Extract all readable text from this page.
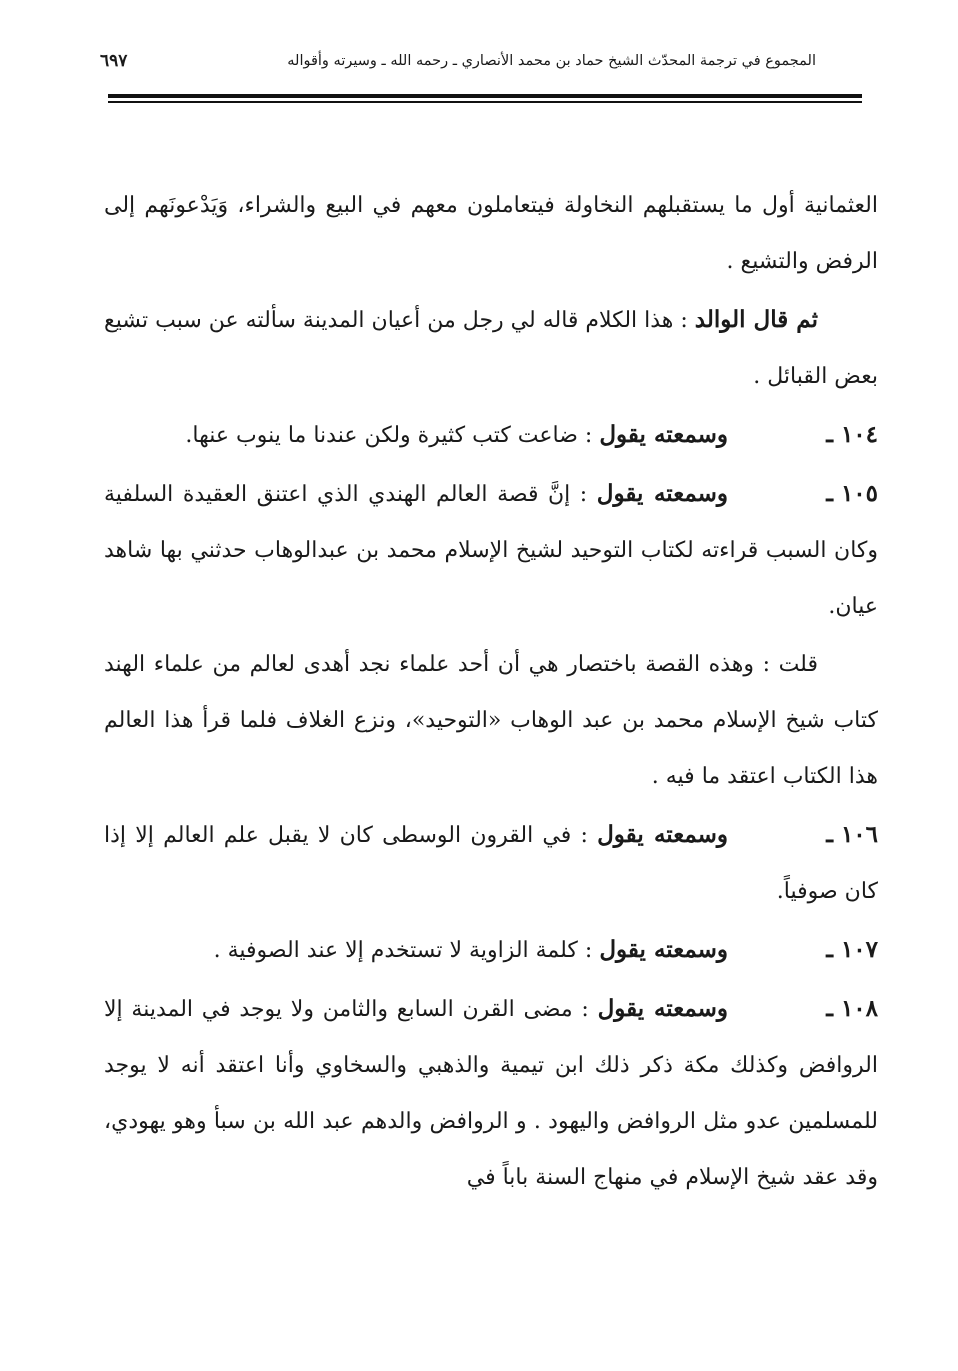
المجموع في ترجمة المحدّث الشيخ حماد بن محمد الأنصاري ـ رحمه الله ـ وسيرته وأقواله
٦٩٧

العثمانية أول ما يستقبلهم النخاولة فيتعاملون معهم في البيع والشراء، وَيَدْعونَهم إلى الرفض والتشيع .

ثم قال الوالد : هذا الكلام قاله لي رجل من أعيان المدينة سألته عن سبب تشيع بعض القبائل .

١٠٤ ـوسمعته يقول : ضاعت كتب كثيرة ولكن عندنا ما ينوب عنها.

١٠٥ ـوسمعته يقول : إنَّ قصة العالم الهندي الذي اعتنق العقيدة السلفية وكان السبب قراءته لكتاب التوحيد لشيخ الإسلام محمد بن عبدالوهاب حدثني بها شاهد عيان.

قلت : وهذه القصة باختصار هي أن أحد علماء نجد أهدى لعالم من علماء الهند كتاب شيخ الإسلام محمد بن عبد الوهاب «التوحيد»، ونزع الغلاف فلما قرأ هذا العالم هذا الكتاب اعتقد ما فيه .

١٠٦ ـوسمعته يقول : في القرون الوسطى كان لا يقبل علم العالم إلا إذا كان صوفياً.

١٠٧ ـوسمعته يقول : كلمة الزاوية لا تستخدم إلا عند الصوفية .

١٠٨ ـوسمعته يقول : مضى القرن السابع والثامن ولا يوجد في المدينة إلا الروافض وكذلك مكة ذكر ذلك ابن تيمية والذهبي والسخاوي وأنا اعتقد أنه لا يوجد للمسلمين عدو مثل الروافض واليهود . و الروافض والدهم عبد الله بن سبأ وهو يهودي، وقد عقد شيخ الإسلام في منهاج السنة باباً في
